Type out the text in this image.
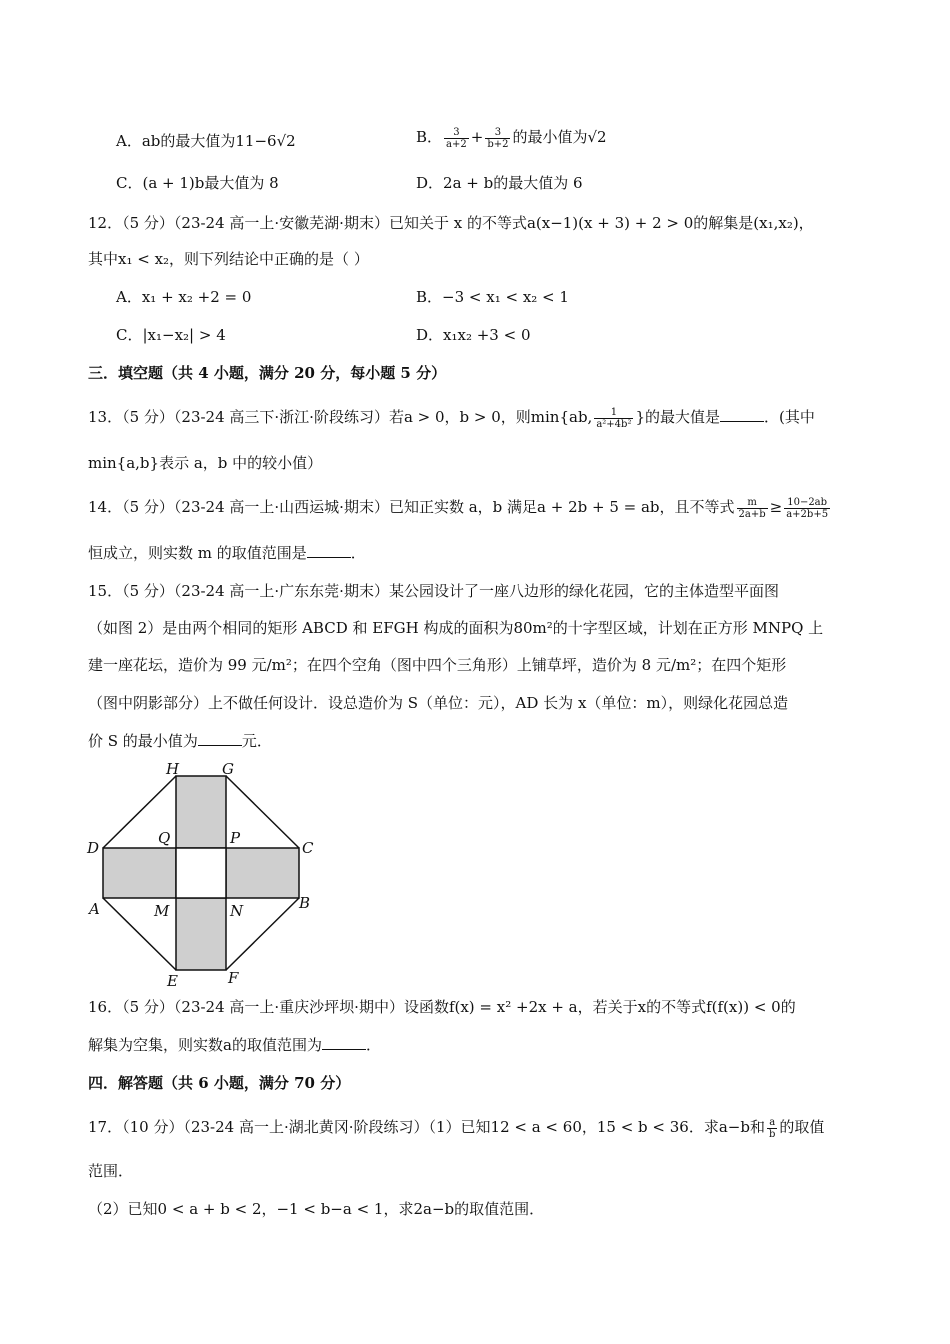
A．ab的最大值为11−6√2	B． $\frac{3}{a+2} + \frac{3}{b+2}$ 的最小值为√2
C．(a + 1)b最大值为 8	D．2a + b的最大值为 6
12．（5 分）（23-24 高一上·安徽芜湖·期末）已知关于 x 的不等式a(x−1)(x + 3) + 2 > 0的解集是(x₁,x₂)，
其中x₁ < x₂，则下列结论中正确的是（ ）
A．x₁ + x₂ +2 = 0	B．−3 < x₁ < x₂ < 1
C．|x₁−x₂| > 4	D．x₁x₂ +3 < 0
三．填空题（共 4 小题，满分 20 分，每小题 5 分）
13．（5 分）（23-24 高三下·浙江·阶段练习）若a > 0，b > 0，则min{ab, $\frac{1}{\text{a²+4b²}}$ }的最大值是	．(其中
min{a,b}表示 a，b 中的较小值）
14．（5 分）（23-24 高一上·山西运城·期末）已知正实数 a，b 满足a + 2b + 5 = ab，且不等式 $\frac{m}{2a+b} \ge \frac{10-2ab}{a+2b+5}$
恒成立，则实数 m 的取值范围是	．
15．（5 分）（23-24 高一上·广东东莞·期末）某公园设计了一座八边形的绿化花园，它的主体造型平面图
（如图 2）是由两个相同的矩形 ABCD 和 EFGH 构成的面积为80m²的十字型区域，计划在正方形 MNPQ 上
建一座花坛，造价为 99 元/m²；在四个空角（图中四个三角形）上铺草坪，造价为 8 元/m²；在四个矩形
（图中阴影部分）上不做任何设计．设总造价为 S（单位：元），AD 长为 x（单位：m），则绿化花园总造
价 S 的最小值为	元．
H	G
Q	P
D	C
A	M	N	B
E	F
16．（5 分）（23-24 高一上·重庆沙坪坝·期中）设函数f(x) = x² +2x + a，若关于x的不等式f(f(x)) < 0的
解集为空集，则实数a的取值范围为	．
四．解答题（共 6 小题，满分 70 分）
17．（10 分）（23-24 高一上·湖北黄冈·阶段练习）（1）已知12 < a < 60，15 < b < 36．求a−b和 $\frac{a}{b}$ 的取值
范围．
（2）已知0 < a + b < 2，−1 < b−a < 1，求2a−b的取值范围．
